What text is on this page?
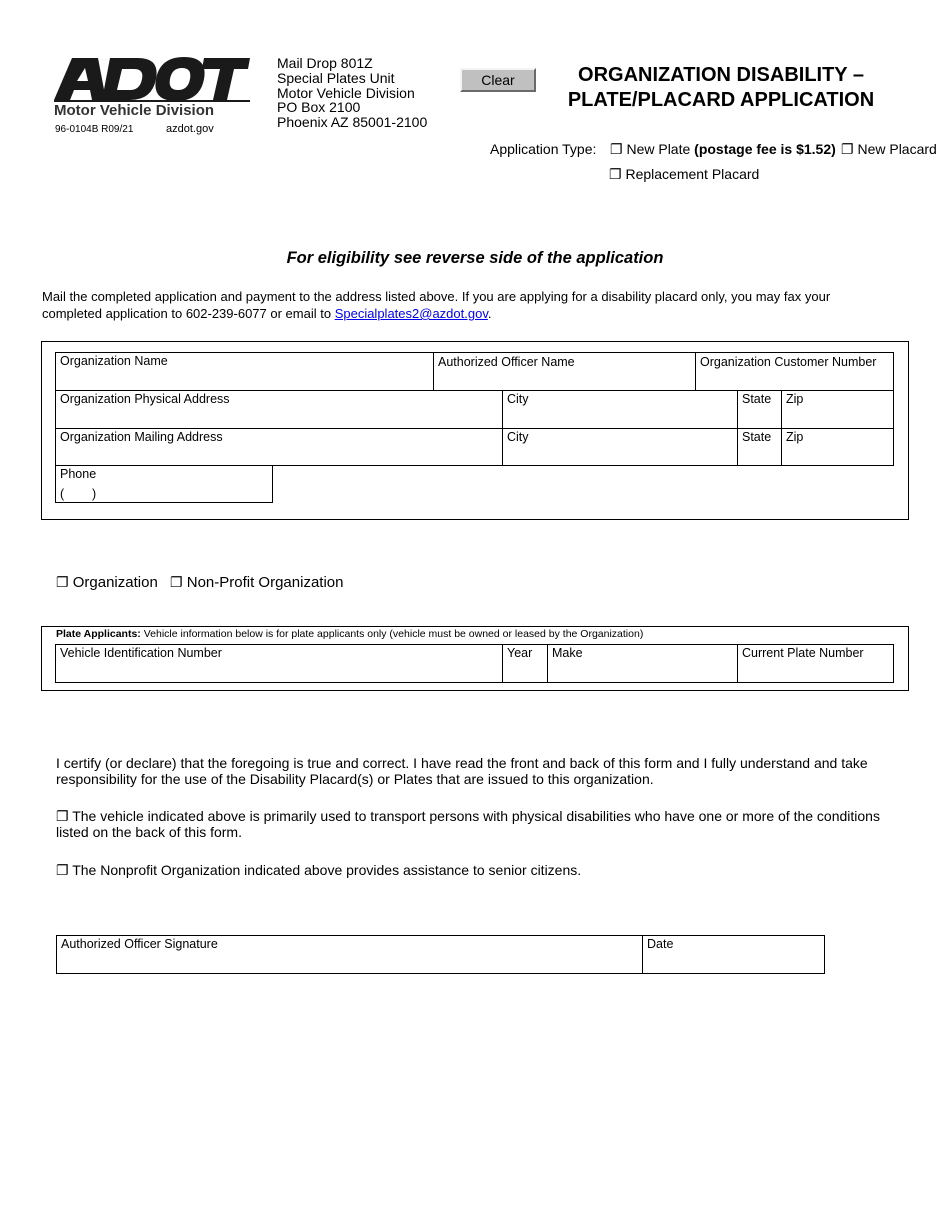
Motor Vehicle Division
96-0104B R09/21	azdot.gov
Mail Drop 801Z
Special Plates Unit
Motor Vehicle Division
PO Box 2100
Phoenix AZ 85001-2100
Clear	ORGANIZATION DISABILITY –
PLATE/PLACARD APPLICATION
Application Type: ❐ New Plate (postage fee is $1.52) ❐ New Placard
❐ Replacement Placard
For eligibility see reverse side of the application
Mail the completed application and payment to the address listed above. If you are applying for a disability placard only, you may fax your completed application to 602-239-6077 or email to Specialplates2@azdot.gov.
Organization Name	Authorized Officer Name	Organization Customer Number
Organization Physical Address	City	State	Zip
Organization Mailing Address	City	State	Zip
Phone
(        )
❐ Organization ❐ Non-Profit Organization
Plate Applicants: Vehicle information below is for plate applicants only (vehicle must be owned or leased by the Organization)
Vehicle Identification Number	Year	Make	Current Plate Number
I certify (or declare) that the foregoing is true and correct. I have read the front and back of this form and I fully understand and take responsibility for the use of the Disability Placard(s) or Plates that are issued to this organization.
❐ The vehicle indicated above is primarily used to transport persons with physical disabilities who have one or more of the conditions listed on the back of this form.
❐ The Nonprofit Organization indicated above provides assistance to senior citizens.
Authorized Officer Signature	Date
